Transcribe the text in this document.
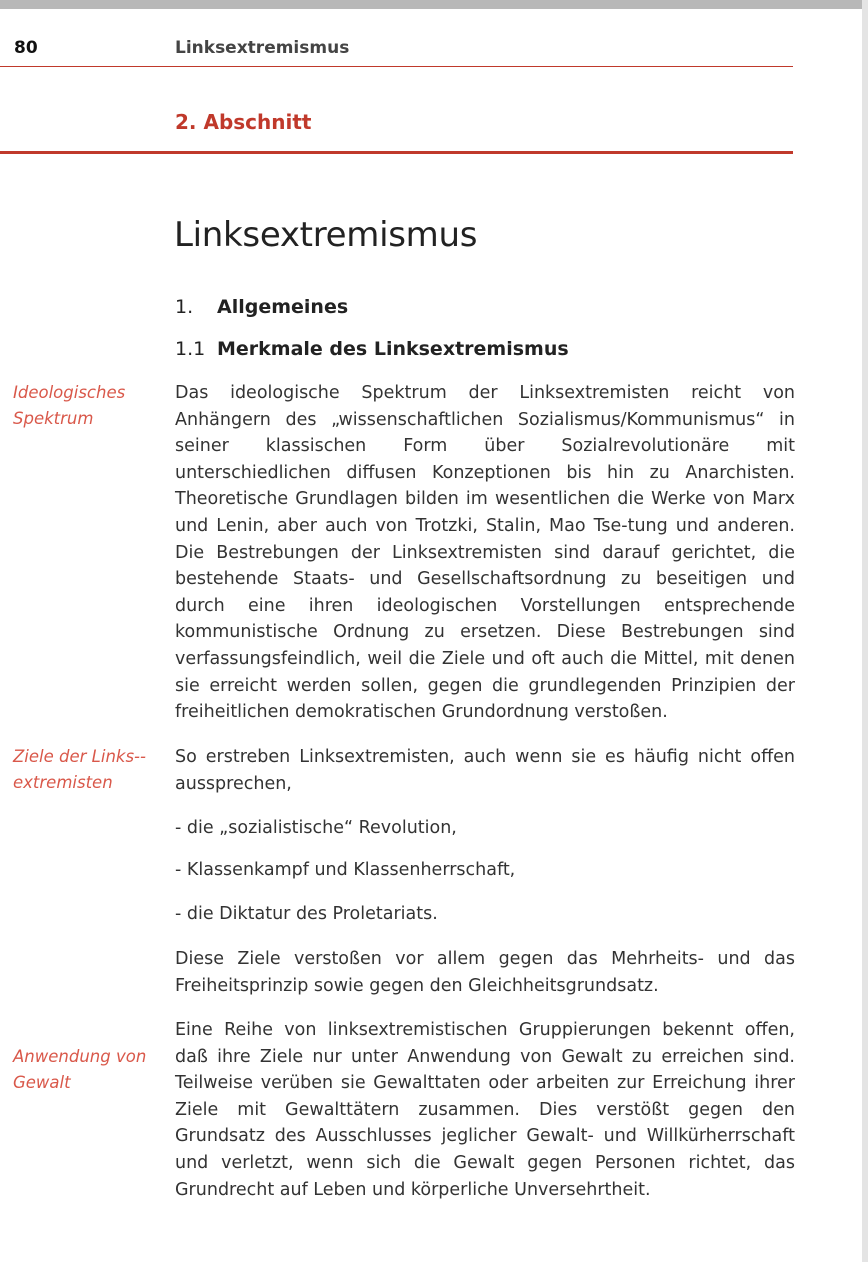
80	Linksextremismus
2. Abschnitt
Linksextremismus
1. Allgemeines
1.1 Merkmale des Linksextremismus
Ideologisches Spektrum

Das ideologische Spektrum der Linksextremisten reicht von Anhängern des „wissenschaftlichen Sozialismus/Kommunismus“ in seiner klassischen Form über Sozialrevolutionäre mit unterschiedlichen diffusen Konzeptionen bis hin zu Anarchisten. Theoretische Grundlagen bilden im wesentlichen die Werke von Marx und Lenin, aber auch von Trotzki, Stalin, Mao Tse-tung und anderen. Die Bestrebungen der Linksextremisten sind darauf gerichtet, die bestehende Staats- und Gesellschaftsordnung zu beseitigen und durch eine ihren ideologischen Vorstellungen entsprechende kommunistische Ordnung zu ersetzen. Diese Bestrebungen sind verfassungsfeindlich, weil die Ziele und oft auch die Mittel, mit denen sie erreicht werden sollen, gegen die grundlegenden Prinzipien der freiheitlichen demokratischen Grundordnung verstoßen.

Ziele der Links-extremisten

So erstreben Linksextremisten, auch wenn sie es häufig nicht offen aussprechen,

- die „sozialistische“ Revolution,

- Klassenkampf und Klassenherrschaft,

- die Diktatur des Proletariats.

Diese Ziele verstoßen vor allem gegen das Mehrheits- und das Freiheitsprinzip sowie gegen den Gleichheitsgrundsatz.

Anwendung von Gewalt

Eine Reihe von linksextremistischen Gruppierungen bekennt offen, daß ihre Ziele nur unter Anwendung von Gewalt zu erreichen sind. Teilweise verüben sie Gewalttaten oder arbeiten zur Erreichung ihrer Ziele mit Gewalttätern zusammen. Dies verstößt gegen den Grundsatz des Ausschlusses jeglicher Gewalt- und Willkürherrschaft und verletzt, wenn sich die Gewalt gegen Personen richtet, das Grundrecht auf Leben und körperliche Unversehrtheit.
